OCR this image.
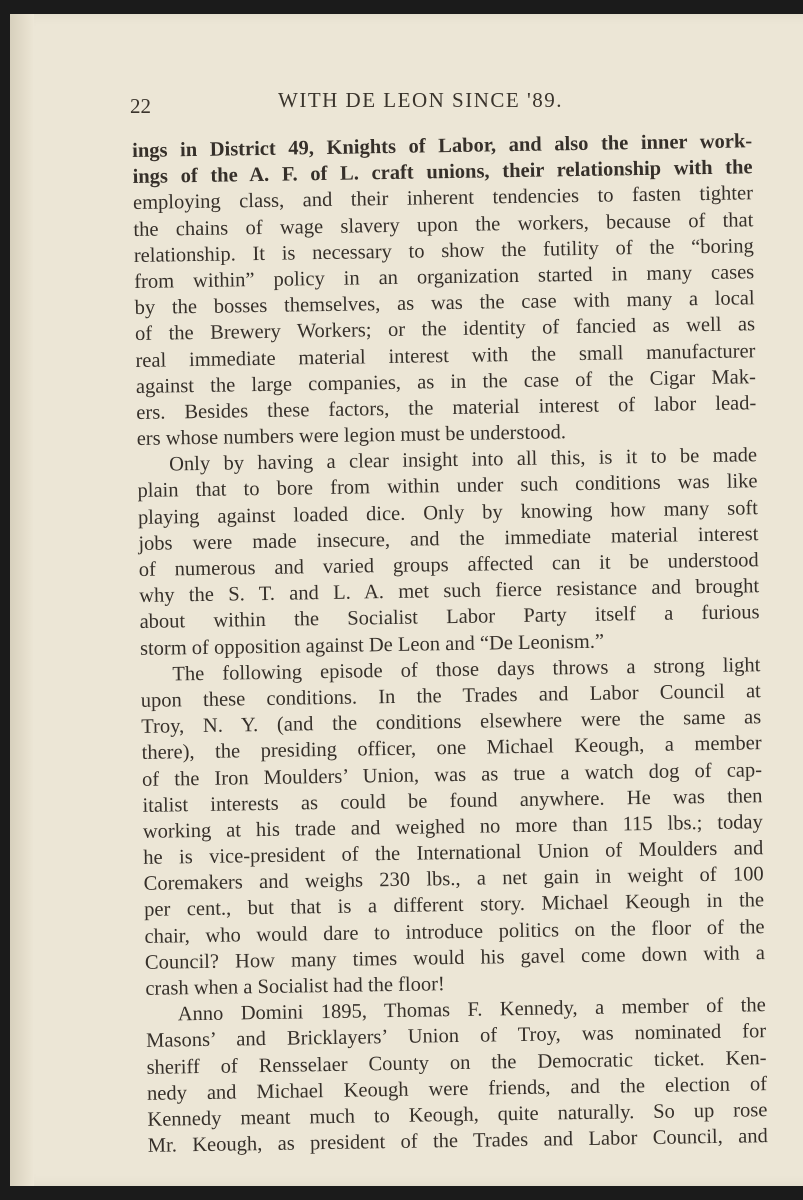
22	WITH DE LEON SINCE '89.
ings in District 49, Knights of Labor, and also the inner work-
ings of the A. F. of L. craft unions, their relationship with the
employing class, and their inherent tendencies to fasten tighter
the chains of wage slavery upon the workers, because of that
relationship. It is necessary to show the futility of the “boring
from within” policy in an organization started in many cases
by the bosses themselves, as was the case with many a local
of the Brewery Workers; or the identity of fancied as well as
real immediate material interest with the small manufacturer
against the large companies, as in the case of the Cigar Mak-
ers. Besides these factors, the material interest of labor lead-
ers whose numbers were legion must be understood.
Only by having a clear insight into all this, is it to be made
plain that to bore from within under such conditions was like
playing against loaded dice. Only by knowing how many soft
jobs were made insecure, and the immediate material interest
of numerous and varied groups affected can it be understood
why the S. T. and L. A. met such fierce resistance and brought
about within the Socialist Labor Party itself a furious
storm of opposition against De Leon and “De Leonism.”
The following episode of those days throws a strong light
upon these conditions. In the Trades and Labor Council at
Troy, N. Y. (and the conditions elsewhere were the same as
there), the presiding officer, one Michael Keough, a member
of the Iron Moulders’ Union, was as true a watch dog of cap-
italist interests as could be found anywhere. He was then
working at his trade and weighed no more than 115 lbs.; today
he is vice-president of the International Union of Moulders and
Coremakers and weighs 230 lbs., a net gain in weight of 100
per cent., but that is a different story. Michael Keough in the
chair, who would dare to introduce politics on the floor of the
Council? How many times would his gavel come down with a
crash when a Socialist had the floor!
Anno Domini 1895, Thomas F. Kennedy, a member of the
Masons’ and Bricklayers’ Union of Troy, was nominated for
sheriff of Rensselaer County on the Democratic ticket. Ken-
nedy and Michael Keough were friends, and the election of
Kennedy meant much to Keough, quite naturally. So up rose
Mr. Keough, as president of the Trades and Labor Council, and
